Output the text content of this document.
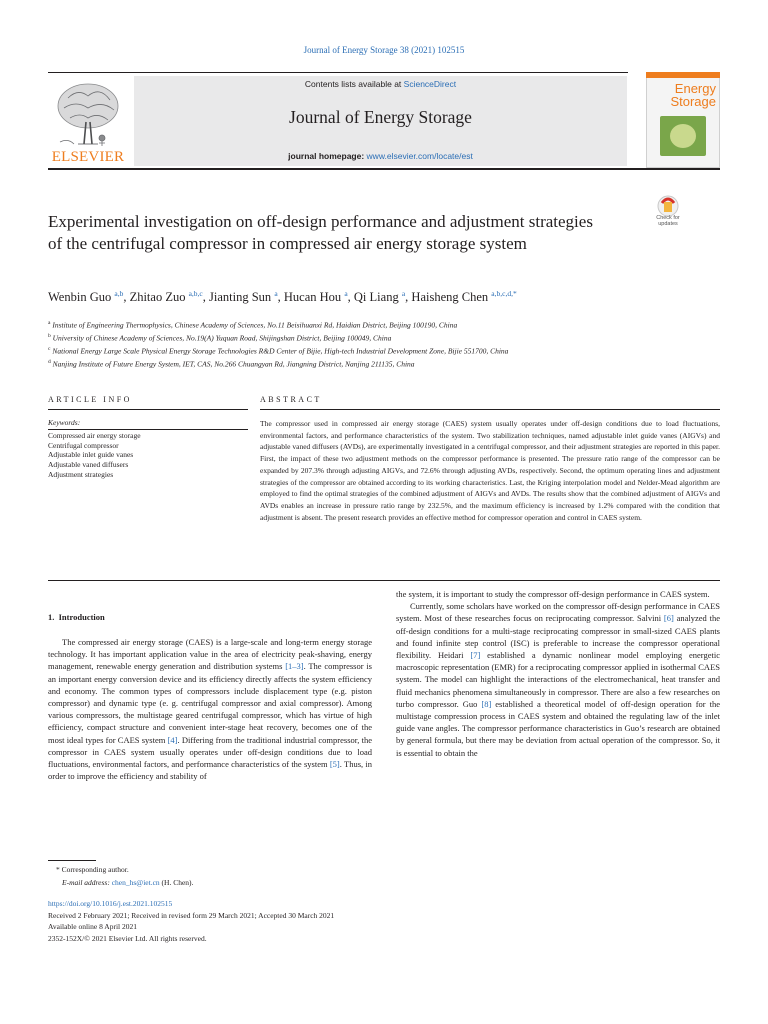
Journal of Energy Storage 38 (2021) 102515
Contents lists available at ScienceDirect
Journal of Energy Storage
journal homepage: www.elsevier.com/locate/est
ELSEVIER
Energy
Storage
Experimental investigation on off-design performance and adjustment strategies of the centrifugal compressor in compressed air energy storage system
Check for
updates
Wenbin Guo $^{a,b}$, Zhitao Zuo $^{a,b,c}$, Jianting Sun $^a$, Hucan Hou $^a$, Qi Liang $^a$, Haisheng Chen $^{a,b,c,d,*}$
$^a$ Institute of Engineering Thermophysics, Chinese Academy of Sciences, No.11 Beisihuanxi Rd, Haidian District, Beijing 100190, China
$^b$ University of Chinese Academy of Sciences, No.19(A) Yuquan Road, Shijingshan District, Beijing 100049, China
$^c$ National Energy Large Scale Physical Energy Storage Technologies R&D Center of Bijie, High-tech Industrial Development Zone, Bijie 551700, China
$^d$ Nanjing Institute of Future Energy System, IET, CAS, No.266 Chuangyan Rd, Jiangning District, Nanjing 211135, China
ARTICLE INFO	ABSTRACT
Keywords:
Compressed air energy storage
Centrifugal compressor
Adjustable inlet guide vanes
Adjustable vaned diffusers
Adjustment strategies
The compressor used in compressed air energy storage (CAES) system usually operates under off-design conditions due to load fluctuations, environmental factors, and performance characteristics of the system. Two stabilization techniques, named adjustable inlet guide vanes (AIGVs) and adjustable vaned diffusers (AVDs), are experimentally investigated in a centrifugal compressor, and their adjustment strategies are reported in this paper. First, the impact of these two adjustment methods on the compressor performance is presented. The pressure ratio range of the compressor can be expanded by 207.3% through adjusting AIGVs, and 72.6% through adjusting AVDs, respectively. Second, the optimum operating lines and adjustment strategies of the compressor are obtained according to its working characteristics. Last, the Kriging interpolation model and Nelder-Mead algorithm are employed to find the optimal strategies of the combined adjustment of AIGVs and AVDs. The results show that the combined adjustment of AIGVs and AVDs enables an increase in pressure ratio range by 232.5%, and the maximum efficiency is increased by 1.2% compared with the condition that adjustment is absent. The present research provides an effective method for compressor operation and control in CAES system.
1. Introduction

The compressed air energy storage (CAES) is a large-scale and long-term energy storage technology. It has important application value in the area of electricity peak-shaving, energy management, renewable energy generation and distribution systems [1–3]. The compressor is an important energy conversion device and its efficiency directly affects the system efficiency and economy. The common types of compressors include displacement type (e.g. piston compressor) and dynamic type (e. g. centrifugal compressor and axial compressor). Among various compressors, the multistage geared centrifugal compressor, which has virtue of high efficiency, compact structure and convenient inter-stage heat recovery, becomes one of the most ideal types for CAES system [4]. Differing from the traditional industrial compressor, the compressor in CAES system usually operates under off-design conditions due to load fluctuations, environmental factors, and performance characteristics of the system [5]. Thus, in order to improve the efficiency and stability of

the system, it is important to study the compressor off-design performance in CAES system.

Currently, some scholars have worked on the compressor off-design performance in CAES system. Most of these researches focus on reciprocating compressor. Salvini [6] analyzed the off-design conditions for a multi-stage reciprocating compressor in small-sized CAES plants and found infinite step control (ISC) is preferable to increase the compressor operational flexibility. Heidari [7] established a dynamic nonlinear model employing energetic macroscopic representation (EMR) for a reciprocating compressor applied in isothermal CAES system. The model can highlight the interactions of the electromechanical, heat transfer and fluid mechanics phenomena simultaneously in compressor. There are also a few researches on turbo compressor. Guo [8] established a theoretical model of off-design operation for the multistage compression process in CAES system and obtained the regulating law of the inlet guide vane angles. The compressor performance characteristics in Guo’s research are obtained by general formula, but there may be deviation from actual operation of the compressor. So, it is essential to obtain the

* Corresponding author.
E-mail address: chen_hs@iet.cn (H. Chen).
https://doi.org/10.1016/j.est.2021.102515
Received 2 February 2021; Received in revised form 29 March 2021; Accepted 30 March 2021
Available online 8 April 2021
2352-152X/© 2021 Elsevier Ltd. All rights reserved.
